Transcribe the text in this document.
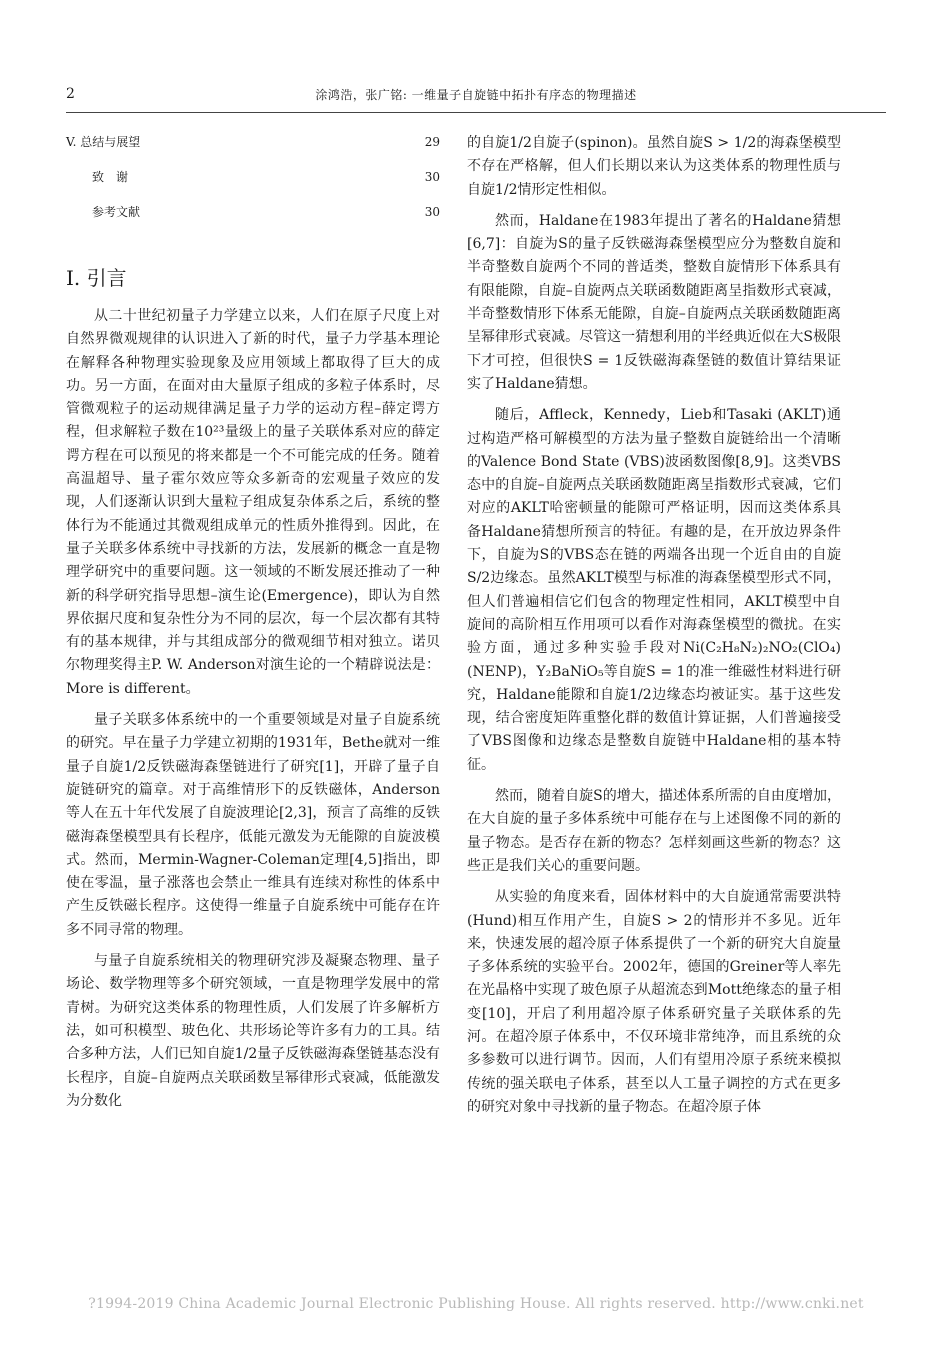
2	涂鸿浩，张广铭: 一维量子自旋链中拓扑有序态的物理描述
V. 总结与展望	29
致　谢	30
参考文献	30
I. 引言

从二十世纪初量子力学建立以来，人们在原子尺度上对自然界微观规律的认识进入了新的时代，量子力学基本理论在解释各种物理实验现象及应用领域上都取得了巨大的成功。另一方面，在面对由大量原子组成的多粒子体系时，尽管微观粒子的运动规律满足量子力学的运动方程–薛定谔方程，但求解粒子数在10²³量级上的量子关联体系对应的薛定谔方程在可以预见的将来都是一个不可能完成的任务。随着高温超导、量子霍尔效应等众多新奇的宏观量子效应的发现，人们逐渐认识到大量粒子组成复杂体系之后，系统的整体行为不能通过其微观组成单元的性质外推得到。因此，在量子关联多体系统中寻找新的方法，发展新的概念一直是物理学研究中的重要问题。这一领域的不断发展还推动了一种新的科学研究指导思想–演生论(Emergence)，即认为自然界依据尺度和复杂性分为不同的层次，每一个层次都有其特有的基本规律，并与其组成部分的微观细节相对独立。诺贝尔物理奖得主P. W. Anderson对演生论的一个精辟说法是：More is different。

量子关联多体系统中的一个重要领域是对量子自旋系统的研究。早在量子力学建立初期的1931年，Bethe就对一维量子自旋1/2反铁磁海森堡链进行了研究[1]，开辟了量子自旋链研究的篇章。对于高维情形下的反铁磁体，Anderson等人在五十年代发展了自旋波理论[2,3]，预言了高维的反铁磁海森堡模型具有长程序，低能元激发为无能隙的自旋波模式。然而，Mermin-Wagner-Coleman定理[4,5]指出，即使在零温，量子涨落也会禁止一维具有连续对称性的体系中产生反铁磁长程序。这使得一维量子自旋系统中可能存在许多不同寻常的物理。

与量子自旋系统相关的物理研究涉及凝聚态物理、量子场论、数学物理等多个研究领域，一直是物理学发展中的常青树。为研究这类体系的物理性质，人们发展了许多解析方法，如可积模型、玻色化、共形场论等许多有力的工具。结合多种方法，人们已知自旋1/2量子反铁磁海森堡链基态没有长程序，自旋–自旋两点关联函数呈幂律形式衰减，低能激发为分数化

的自旋1/2自旋子(spinon)。虽然自旋S > 1/2的海森堡模型不存在严格解，但人们长期以来认为这类体系的物理性质与自旋1/2情形定性相似。

然而，Haldane在1983年提出了著名的Haldane猜想[6,7]：自旋为S的量子反铁磁海森堡模型应分为整数自旋和半奇整数自旋两个不同的普适类，整数自旋情形下体系具有有限能隙，自旋–自旋两点关联函数随距离呈指数形式衰减，半奇整数情形下体系无能隙，自旋–自旋两点关联函数随距离呈幂律形式衰减。尽管这一猜想利用的半经典近似在大S极限下才可控，但很快S = 1反铁磁海森堡链的数值计算结果证实了Haldane猜想。

随后，Affleck，Kennedy，Lieb和Tasaki (AKLT)通过构造严格可解模型的方法为量子整数自旋链给出一个清晰的Valence Bond State (VBS)波函数图像[8,9]。这类VBS态中的自旋–自旋两点关联函数随距离呈指数形式衰减，它们对应的AKLT哈密顿量的能隙可严格证明，因而这类体系具备Haldane猜想所预言的特征。有趣的是，在开放边界条件下，自旋为S的VBS态在链的两端各出现一个近自由的自旋S/2边缘态。虽然AKLT模型与标准的海森堡模型形式不同，但人们普遍相信它们包含的物理定性相同，AKLT模型中自旋间的高阶相互作用项可以看作对海森堡模型的微扰。在实验方面，通过多种实验手段对Ni(C₂H₈N₂)₂NO₂(ClO₄) (NENP)，Y₂BaNiO₅等自旋S = 1的准一维磁性材料进行研究，Haldane能隙和自旋1/2边缘态均被证实。基于这些发现，结合密度矩阵重整化群的数值计算证据，人们普遍接受了VBS图像和边缘态是整数自旋链中Haldane相的基本特征。

然而，随着自旋S的增大，描述体系所需的自由度增加，在大自旋的量子多体系统中可能存在与上述图像不同的新的量子物态。是否存在新的物态？怎样刻画这些新的物态？这些正是我们关心的重要问题。

从实验的角度来看，固体材料中的大自旋通常需要洪特(Hund)相互作用产生，自旋S > 2的情形并不多见。近年来，快速发展的超冷原子体系提供了一个新的研究大自旋量子多体系统的实验平台。2002年，德国的Greiner等人率先在光晶格中实现了玻色原子从超流态到Mott绝缘态的量子相变[10]，开启了利用超冷原子体系研究量子关联体系的先河。在超冷原子体系中，不仅环境非常纯净，而且系统的众多参数可以进行调节。因而，人们有望用冷原子系统来模拟传统的强关联电子体系，甚至以人工量子调控的方式在更多的研究对象中寻找新的量子物态。在超冷原子体

?1994-2019 China Academic Journal Electronic Publishing House. All rights reserved. http://www.cnki.net
